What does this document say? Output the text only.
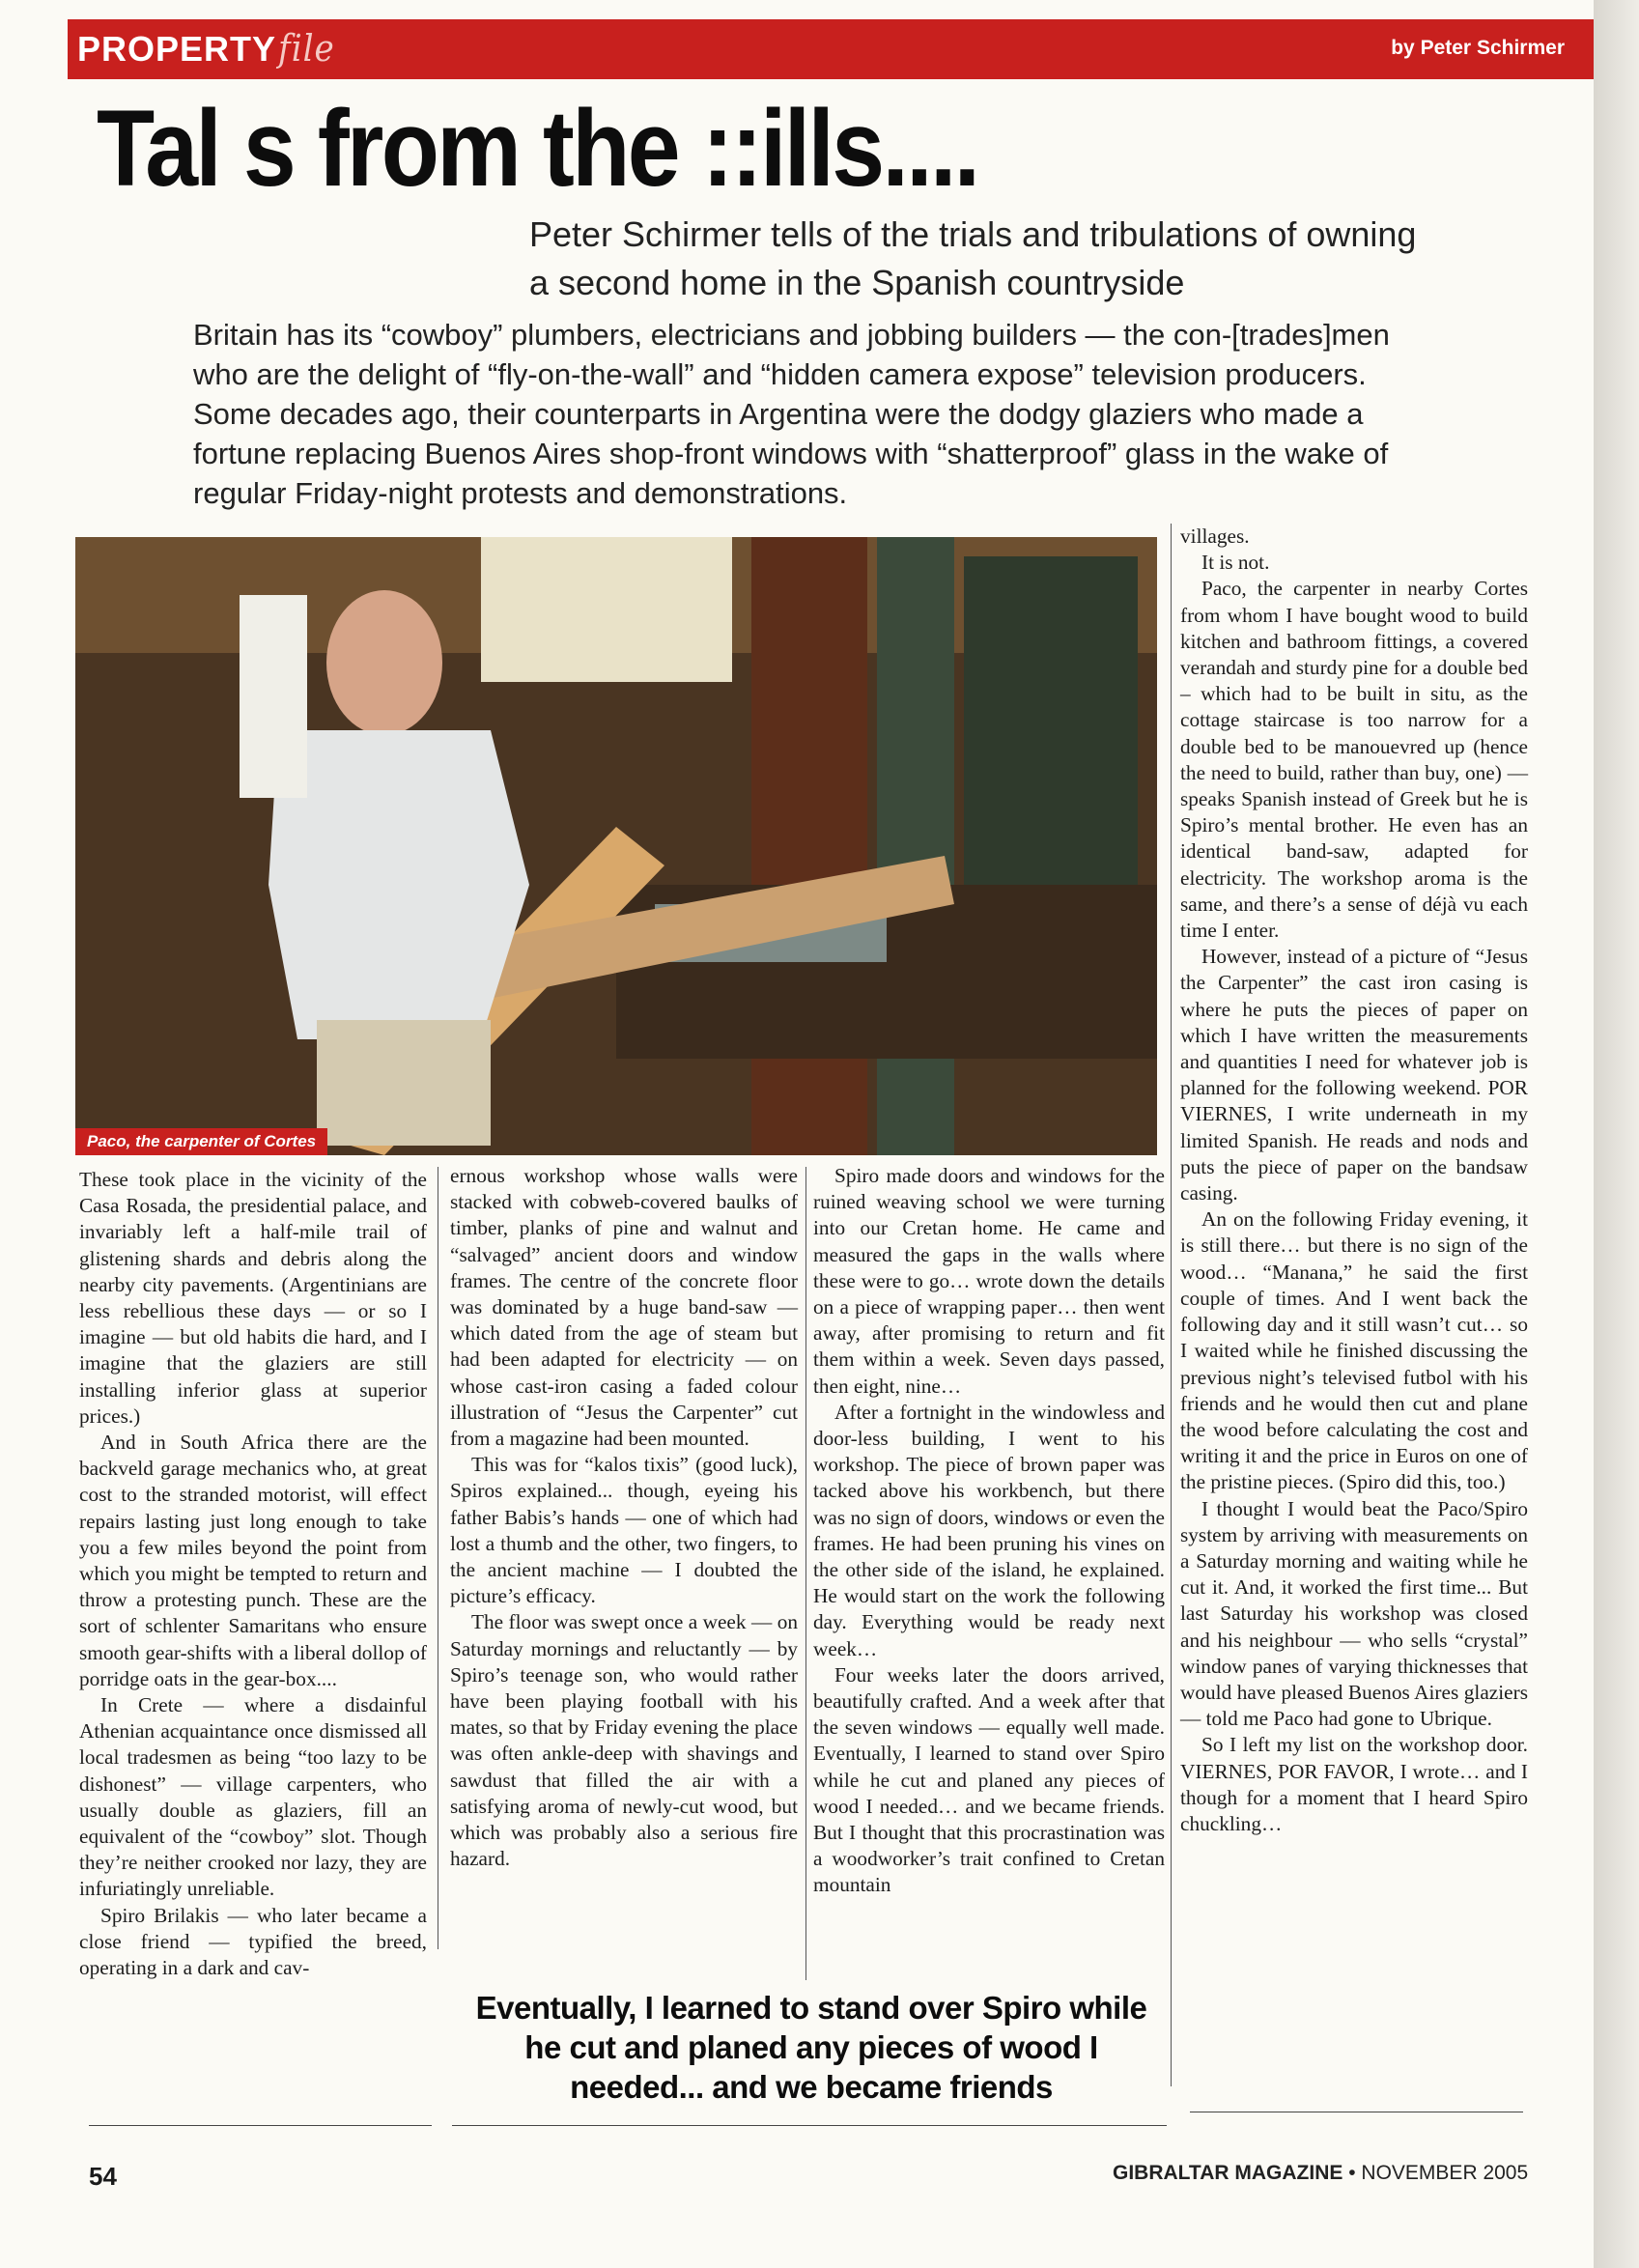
PROPERTYfile	by Peter Schirmer
Tal s from the ::ills....
Peter Schirmer tells of the trials and tribulations of owning a second home in the Spanish countryside
Britain has its “cowboy” plumbers, electricians and jobbing builders — the con-[trades]men who are the delight of “fly-on-the-wall” and “hidden camera expose” television producers. Some decades ago, their counterparts in Argentina were the dodgy glaziers who made a fortune replacing Buenos Aires shop-front windows with “shatterproof” glass in the wake of regular Friday-night protests and demonstrations.
Paco, the carpenter of Cortes

These took place in the vicinity of the Casa Rosada, the presidential palace, and invariably left a half-mile trail of glistening shards and debris along the nearby city pavements. (Argentinians are less rebellious these days — or so I imagine — but old habits die hard, and I imagine that the glaziers are still installing inferior glass at superior prices.)

And in South Africa there are the backveld garage mechanics who, at great cost to the stranded motorist, will effect repairs lasting just long enough to take you a few miles beyond the point from which you might be tempted to return and throw a protesting punch. These are the sort of schlenter Samaritans who ensure smooth gear-shifts with a liberal dollop of porridge oats in the gear-box....

In Crete — where a disdainful Athenian acquaintance once dismissed all local tradesmen as being “too lazy to be dishonest” — village carpenters, who usually double as glaziers, fill an equivalent of the “cowboy” slot. Though they’re neither crooked nor lazy, they are infuriatingly unreliable.

Spiro Brilakis — who later became a close friend — typified the breed, operating in a dark and cav-

ernous workshop whose walls were stacked with cobweb-covered baulks of timber, planks of pine and walnut and “salvaged” ancient doors and window frames. The centre of the concrete floor was dominated by a huge band-saw — which dated from the age of steam but had been adapted for electricity — on whose cast-iron casing a faded colour illustration of “Jesus the Carpenter” cut from a magazine had been mounted.

This was for “kalos tixis” (good luck), Spiros explained... though, eyeing his father Babis’s hands — one of which had lost a thumb and the other, two fingers, to the ancient machine — I doubted the picture’s efficacy.

The floor was swept once a week — on Saturday mornings and reluctantly — by Spiro’s teenage son, who would rather have been playing football with his mates, so that by Friday evening the place was often ankle-deep with shavings and sawdust that filled the air with a satisfying aroma of newly-cut wood, but which was probably also a serious fire hazard.

Spiro made doors and windows for the ruined weaving school we were turning into our Cretan home. He came and measured the gaps in the walls where these were to go… wrote down the details on a piece of wrapping paper… then went away, after promising to return and fit them within a week. Seven days passed, then eight, nine…

After a fortnight in the windowless and door-less building, I went to his workshop. The piece of brown paper was tacked above his workbench, but there was no sign of doors, windows or even the frames. He had been pruning his vines on the other side of the island, he explained. He would start on the work the following day. Everything would be ready next week…

Four weeks later the doors arrived, beautifully crafted. And a week after that the seven windows — equally well made. Eventually, I learned to stand over Spiro while he cut and planed any pieces of wood I needed… and we became friends. But I thought that this procrastination was a woodworker’s trait confined to Cretan mountain

villages.

It is not.

Paco, the carpenter in nearby Cortes from whom I have bought wood to build kitchen and bathroom fittings, a covered verandah and sturdy pine for a double bed – which had to be built in situ, as the cottage staircase is too narrow for a double bed to be manouevred up (hence the need to build, rather than buy, one) — speaks Spanish instead of Greek but he is Spiro’s mental brother. He even has an identical band-saw, adapted for electricity. The workshop aroma is the same, and there’s a sense of déjà vu each time I enter.

However, instead of a picture of “Jesus the Carpenter” the cast iron casing is where he puts the pieces of paper on which I have written the measurements and quantities I need for whatever job is planned for the following weekend. POR VIERNES, I write underneath in my limited Spanish. He reads and nods and puts the piece of paper on the bandsaw casing.

An on the following Friday evening, it is still there… but there is no sign of the wood… “Manana,” he said the first couple of times. And I went back the following day and it still wasn’t cut… so I waited while he finished discussing the previous night’s televised futbol with his friends and he would then cut and plane the wood before calculating the cost and writing it and the price in Euros on one of the pristine pieces. (Spiro did this, too.)

I thought I would beat the Paco/Spiro system by arriving with measurements on a Saturday morning and waiting while he cut it. And, it worked the first time... But last Saturday his workshop was closed and his neighbour — who sells “crystal” window panes of varying thicknesses that would have pleased Buenos Aires glaziers — told me Paco had gone to Ubrique.

So I left my list on the workshop door. VIERNES, POR FAVOR, I wrote… and I though for a moment that I heard Spiro chuckling…

Eventually, I learned to stand over Spiro while he cut and planed any pieces of wood I needed... and we became friends
54	GIBRALTAR MAGAZINE • NOVEMBER 2005
